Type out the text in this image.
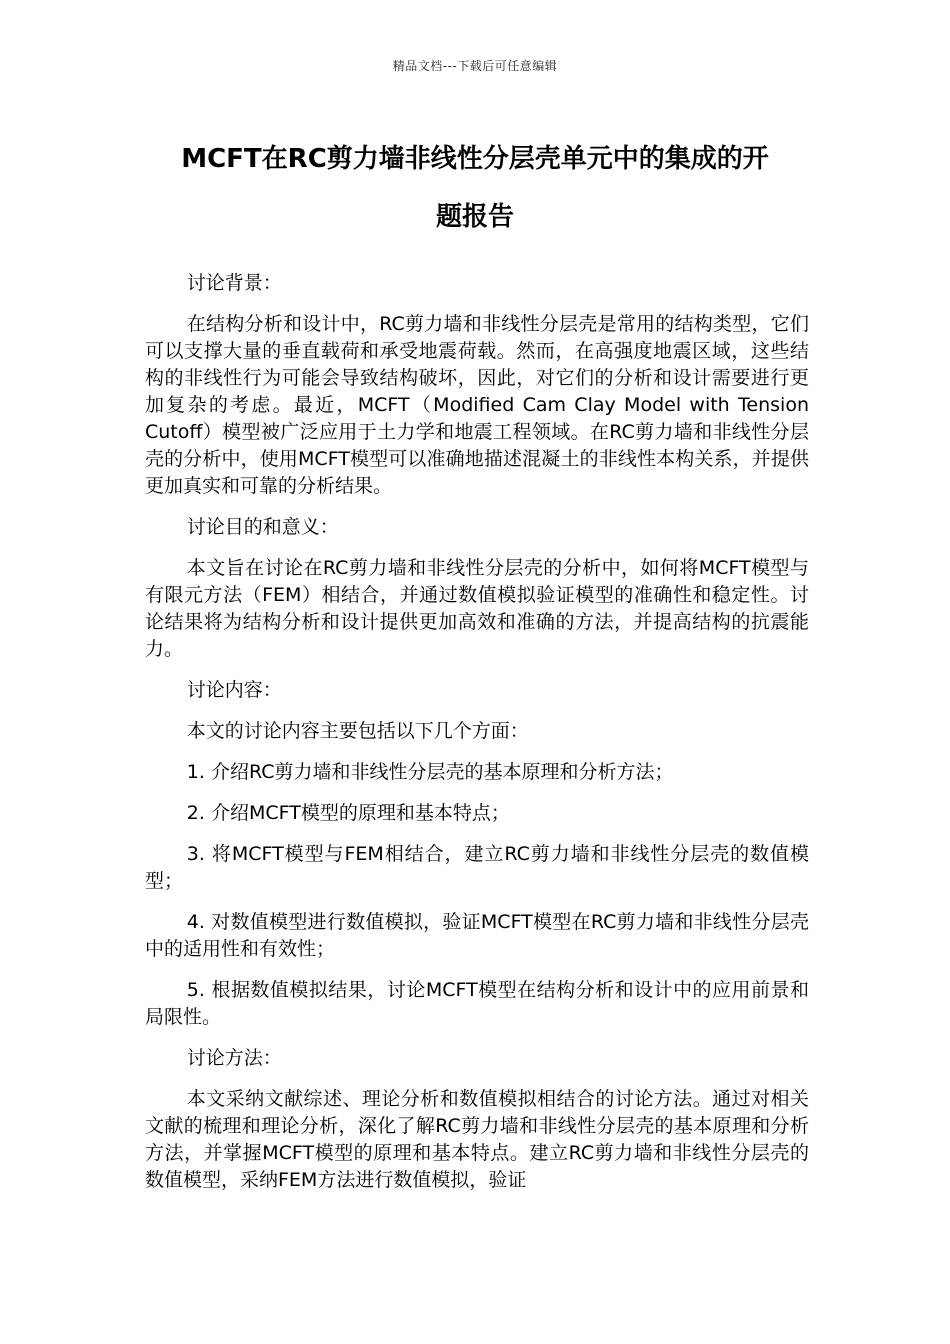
精品文档---下载后可任意编辑
MCFT在RC剪力墙非线性分层壳单元中的集成的开
题报告

讨论背景：

在结构分析和设计中，RC剪力墙和非线性分层壳是常用的结构类型，它们可以支撑大量的垂直载荷和承受地震荷载。然而，在高强度地震区域，这些结构的非线性行为可能会导致结构破坏，因此，对它们的分析和设计需要进行更加复杂的考虑。最近，MCFT（Modified Cam Clay Model with Tension Cutoff）模型被广泛应用于土力学和地震工程领域。在RC剪力墙和非线性分层壳的分析中，使用MCFT模型可以准确地描述混凝土的非线性本构关系，并提供更加真实和可靠的分析结果。

讨论目的和意义：

本文旨在讨论在RC剪力墙和非线性分层壳的分析中，如何将MCFT模型与有限元方法（FEM）相结合，并通过数值模拟验证模型的准确性和稳定性。讨论结果将为结构分析和设计提供更加高效和准确的方法，并提高结构的抗震能力。

讨论内容：

本文的讨论内容主要包括以下几个方面：

1. 介绍RC剪力墙和非线性分层壳的基本原理和分析方法；

2. 介绍MCFT模型的原理和基本特点；

3. 将MCFT模型与FEM相结合，建立RC剪力墙和非线性分层壳的数值模型；

4. 对数值模型进行数值模拟，验证MCFT模型在RC剪力墙和非线性分层壳中的适用性和有效性；

5. 根据数值模拟结果，讨论MCFT模型在结构分析和设计中的应用前景和局限性。

讨论方法：

本文采纳文献综述、理论分析和数值模拟相结合的讨论方法。通过对相关文献的梳理和理论分析，深化了解RC剪力墙和非线性分层壳的基本原理和分析方法，并掌握MCFT模型的原理和基本特点。建立RC剪力墙和非线性分层壳的数值模型，采纳FEM方法进行数值模拟，验证
